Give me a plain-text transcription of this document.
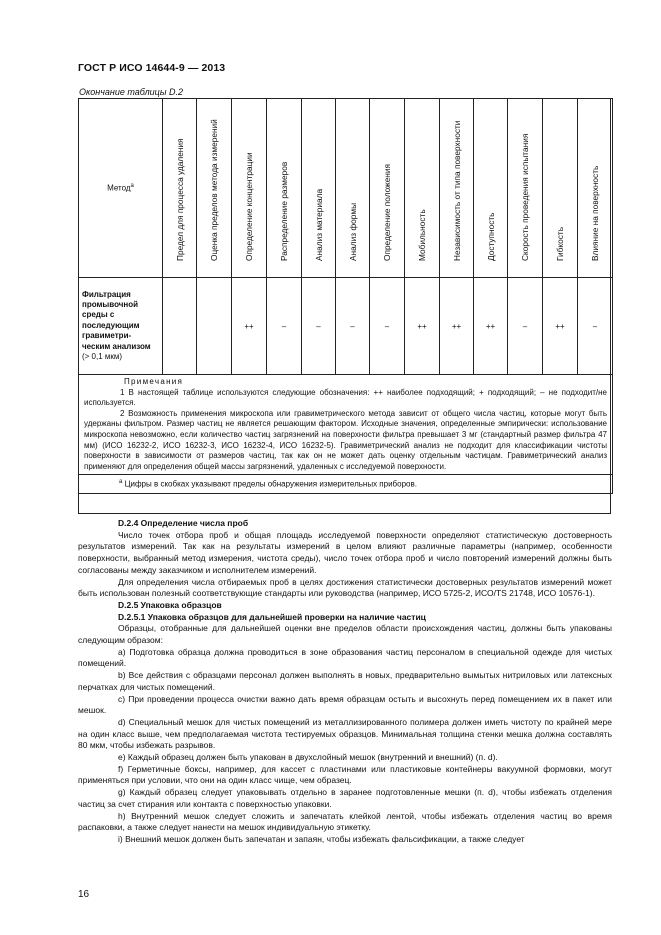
ГОСТ Р ИСО 14644-9 — 2013
Окончание таблицы D.2
Метод$^а$	Предел для процесса удаления	Оценка пределов метода измерений	Определение концентрации	Распределение размеров	Анализ материала	Анализ формы	Определение положения	Мобильность	Независимость от типа поверхности	Доступность	Скорость проведения испытания	Гибкость	Влияние на поверхность

Фильтрация промывочной среды с последующим гравиметри-ческим анализом
(> 0,1 мкм)			++	–	–	–	–	++	++	++	–	++	–

Примечания
1 В настоящей таблице используются следующие обозначения: ++ наиболее подходящий; + подходящий; – не подходит/не используется.
2 Возможность применения микроскопа или гравиметрического метода зависит от общего числа частиц, которые могут быть удержаны фильтром. Размер частиц не является решающим фактором. Исходные значения, определенные эмпирически: использование микроскопа невозможно, если количество частиц загрязнений на поверхности фильтра превышает 3 мг (стандартный размер фильтра 47 мм) (ИСО 16232-2, ИСО 16232-3, ИСО 16232-4, ИСО 16232-5). Гравиметрический анализ не подходит для классификации чистоты поверхности в зависимости от размеров частиц, так как он не может дать оценку отдельным частицам. Гравиметрический анализ применяют для определения общей массы загрязнений, удаленных с исследуемой поверхности.													

$^а$ Цифры в скобках указывают пределы обнаружения измерительных приборов.													

D.2.4 Определение числа проб

Число точек отбора проб и общая площадь исследуемой поверхности определяют статистическую достоверность результатов измерений. Так как на результаты измерений в целом влияют различные параметры (например, особенности поверхности, выбранный метод измерения, чистота среды), число точек отбора проб и число повторений измерений должны быть согласованы между заказчиком и исполнителем измерений.

Для определения числа отбираемых проб в целях достижения статистически достоверных результатов измерений может быть использован полезный соответствующие стандарты или руководства (например, ИСО 5725-2, ИСО/TS 21748, ИСО 10576-1).

D.2.5 Упаковка образцов

D.2.5.1 Упаковка образцов для дальнейшей проверки на наличие частиц

Образцы, отобранные для дальнейшей оценки вне пределов области происхождения частиц, должны быть упакованы следующим образом:

a) Подготовка образца должна проводиться в зоне образования частиц персоналом в специальной одежде для чистых помещений.

b) Все действия с образцами персонал должен выполнять в новых, предварительно вымытых нитриловых или латексных перчатках для чистых помещений.

c) При проведении процесса очистки важно дать время образцам остыть и высохнуть перед помещением их в пакет или мешок.

d) Специальный мешок для чистых помещений из металлизированного полимера должен иметь чистоту по крайней мере на один класс выше, чем предполагаемая чистота тестируемых образцов. Минимальная толщина стенки мешка должна составлять 80 мкм, чтобы избежать разрывов.

e) Каждый образец должен быть упакован в двухслойный мешок (внутренний и внешний) (п. d).

f) Герметичные боксы, например, для кассет с пластинами или пластиковые контейнеры вакуумной формовки, могут применяться при условии, что они на один класс чище, чем образец.

g) Каждый образец следует упаковывать отдельно в заранее подготовленные мешки (п. d), чтобы избежать отделения частиц за счет стирания или контакта с поверхностью упаковки.

h) Внутренний мешок следует сложить и запечатать клейкой лентой, чтобы избежать отделения частиц во время распаковки, а также следует нанести на мешок индивидуальную этикетку.

i) Внешний мешок должен быть запечатан и запаян, чтобы избежать фальсификации, а также следует

16
